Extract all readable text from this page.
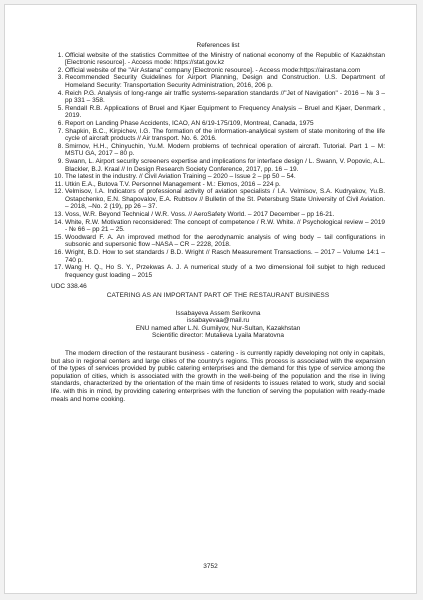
References list
1. Official website of the statistics Committee of the Ministry of national economy of the Republic of Kazakhstan [Electronic resource]. - Access mode: https://stat.gov.kz
2. Official website of the "Air Astana" company [Electronic resource]. - Access mode:https://airastana.com
3. Recommended Security Guidelines for Airport Planning, Design and Construction. U.S. Department of Homeland Security: Transportation Security Administration, 2016, 206 p.
4. Reich P.G. Analysis of long-range air traffic systems-separation standards //"Jet of Navigation" - 2016 – № 3 – pp 331 – 358.
5. Rendall R.B. Applications of Bruel and Kjaer Equipment to Frequency Analysis – Bruel and Kjaer, Denmark , 2019.
6. Report on Landing Phase Accidents, ICAO, AN 6/19-175/109, Montreal, Canada, 1975
7. Shapkin, B.C., Kirpichev, I.G. The formation of the information-analytical system of state monitoring of the life cycle of aircraft products // Air transport. No. 6. 2016.
8. Smirnov, H.H., Chinyuchin, Yu.M. Modern problems of technical operation of aircraft. Tutorial. Part 1 – M: MSTU GA, 2017 – 80 p.
9. Swann, L. Airport security screeners expertise and implications for interface design / L. Swann, V. Popovic, A.L. Blackler, B.J. Kraal // In Design Research Society Conference, 2017, pp. 16 – 19.
10. The latest in the industry. // Civil Aviation Training – 2020 – Issue 2 – pp 50 – 54.
11. Utkin E.A., Butova T.V. Personnel Management - M.: Ekmos, 2016 – 224 p.
12. Velmisov, I.A. Indicators of professional activity of aviation specialists / I.A. Velmisov, S.A. Kudryakov, Yu.B. Ostapchenko, E.N. Shapovalov, E.A. Rubtsov // Bulletin of the St. Petersburg State University of Civil Aviation. – 2018, –No. 2 (19), pp 26 – 37.
13. Voss, W.R. Beyond Technical / W.R. Voss. // AeroSafety World. – 2017 December – pp 16-21.
14. White, R.W. Motivation reconsidered: The concept of competence / R.W. White. // Psychological review – 2019 - № 66 – pp 21 – 25.
15. Woodward F. A. An improved method for the aerodynamic analysis of wing body – tail configurations in subsonic and supersonic flow –NASA – CR – 2228, 2018.
16. Wright, B.D. How to set standards / B.D. Wright // Rasch Measurement Transactions. – 2017 – Volume 14:1 – 740 p.
17. Wang H. Q., Ho S. Y., Przekwas A. J. A numerical study of a two dimensional foil subjet to high reduced frequency gust loading – 2015
UDC 338.46
CATERING AS AN IMPORTANT PART OF THE RESTAURANT BUSINESS
Issabayeva Assem Serikovna
issabayevaa@mail.ru
ENU named after L.N. Gumilyov, Nur-Sultan, Kazakhstan
Scientific director: Mutalieva Lyaila Maratovna
The modern direction of the restaurant business - catering - is currently rapidly developing not only in capitals, but also in regional centers and large cities of the country's regions. This process is associated with the expansion of the types of services provided by public catering enterprises and the demand for this type of service among the population of cities, which is associated with the growth in the well-being of the population and the rise in living standards, characterized by the orientation of the main time of residents to issues related to work, study and social life. with this in mind, by providing catering enterprises with the function of serving the population with ready-made meals and home cooking.
3752
